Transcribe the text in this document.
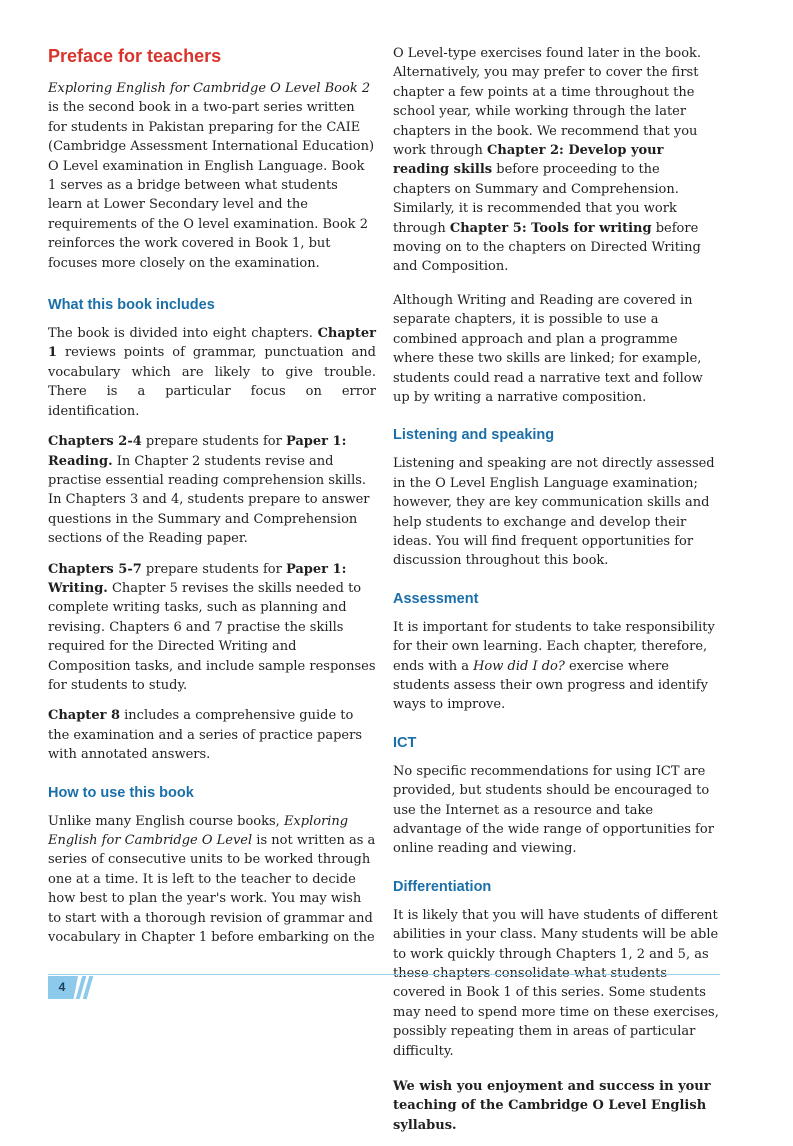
Preface for teachers

Exploring English for Cambridge O Level Book 2 is the second book in a two-part series written for students in Pakistan preparing for the CAIE (Cambridge Assessment International Education) O Level examination in English Language. Book 1 serves as a bridge between what students learn at Lower Secondary level and the requirements of the O level examination. Book 2 reinforces the work covered in Book 1, but focuses more closely on the examination.

What this book includes

The book is divided into eight chapters. Chapter 1 reviews points of grammar, punctuation and vocabulary which are likely to give trouble. There is a particular focus on error identification.

Chapters 2-4 prepare students for Paper 1: Reading. In Chapter 2 students revise and practise essential reading comprehension skills. In Chapters 3 and 4, students prepare to answer questions in the Summary and Comprehension sections of the Reading paper.

Chapters 5-7 prepare students for Paper 1: Writing. Chapter 5 revises the skills needed to complete writing tasks, such as planning and revising. Chapters 6 and 7 practise the skills required for the Directed Writing and Composition tasks, and include sample responses for students to study.

Chapter 8 includes a comprehensive guide to the examination and a series of practice papers with annotated answers.

How to use this book

Unlike many English course books, Exploring English for Cambridge O Level is not written as a series of consecutive units to be worked through one at a time. It is left to the teacher to decide how best to plan the year's work. You may wish to start with a thorough revision of grammar and vocabulary in Chapter 1 before embarking on the

O Level-type exercises found later in the book. Alternatively, you may prefer to cover the first chapter a few points at a time throughout the school year, while working through the later chapters in the book. We recommend that you work through Chapter 2: Develop your reading skills before proceeding to the chapters on Summary and Comprehension. Similarly, it is recommended that you work through Chapter 5: Tools for writing before moving on to the chapters on Directed Writing and Composition.

Although Writing and Reading are covered in separate chapters, it is possible to use a combined approach and plan a programme where these two skills are linked; for example, students could read a narrative text and follow up by writing a narrative composition.

Listening and speaking

Listening and speaking are not directly assessed in the O Level English Language examination; however, they are key communication skills and help students to exchange and develop their ideas. You will find frequent opportunities for discussion throughout this book.

Assessment

It is important for students to take responsibility for their own learning. Each chapter, therefore, ends with a How did I do? exercise where students assess their own progress and identify ways to improve.

ICT

No specific recommendations for using ICT are provided, but students should be encouraged to use the Internet as a resource and take advantage of the wide range of opportunities for online reading and viewing.

Differentiation

It is likely that you will have students of different abilities in your class. Many students will be able to work quickly through Chapters 1, 2 and 5, as these chapters consolidate what students covered in Book 1 of this series. Some students may need to spend more time on these exercises, possibly repeating them in areas of particular difficulty.

We wish you enjoyment and success in your teaching of the Cambridge O Level English syllabus.

4
